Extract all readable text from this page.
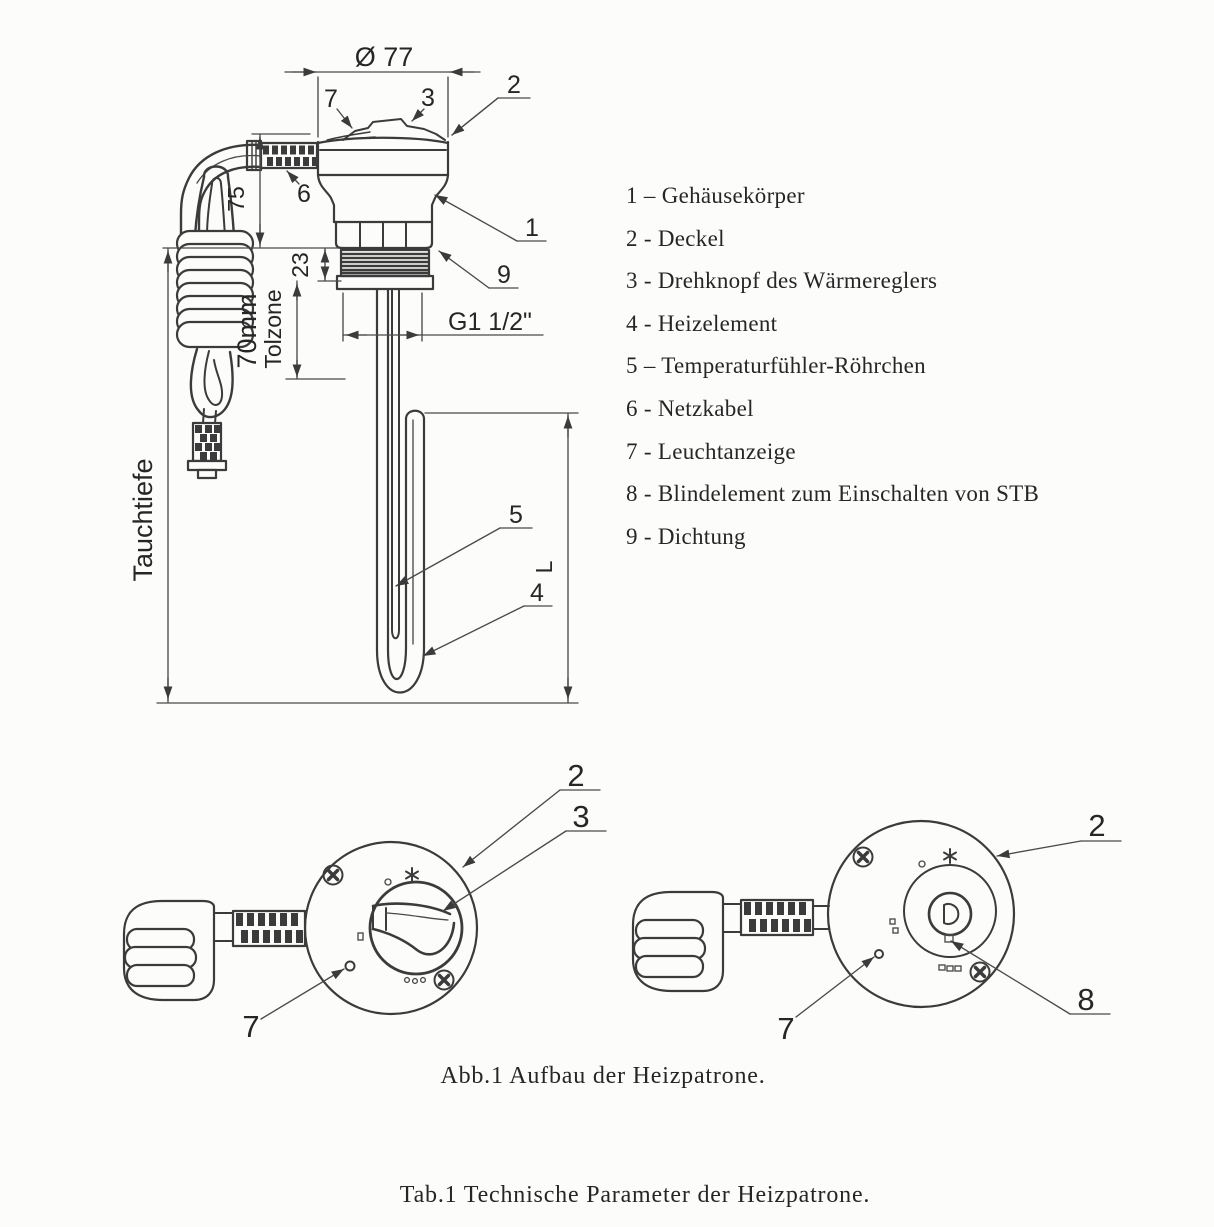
Ø 77
75
23
70mm
Tolzone
Tauchtiefe
G1 1/2"
L
7	3	2
6
1
9
5
4
1 – Gehäusekörper
2 - Deckel
3 - Drehknopf des Wärmereglers
4 - Heizelement
5 – Temperaturfühler-Röhrchen
6 - Netzkabel
7 - Leuchtanzeige
8 - Blindelement zum Einschalten von STB
9 - Dichtung
2
3
7
2
8
7
Abb.1 Aufbau der Heizpatrone.
Tab.1 Technische Parameter der Heizpatrone.
